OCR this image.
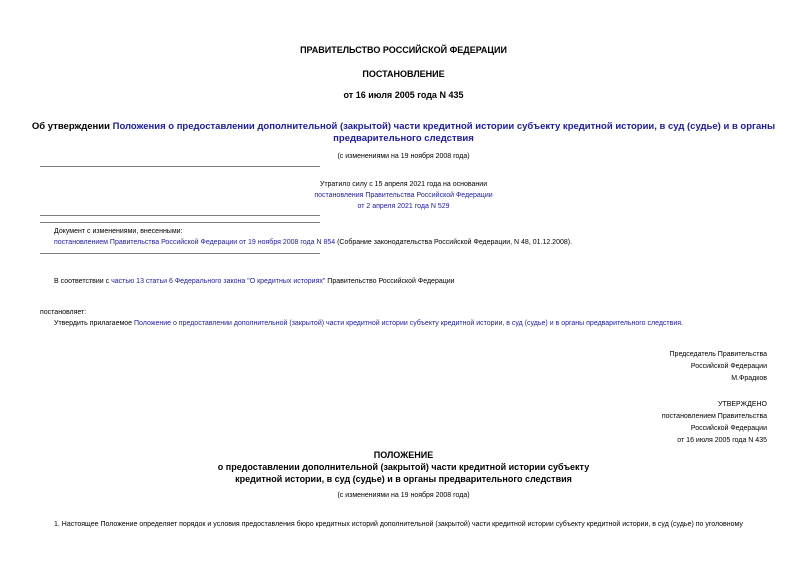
ПРАВИТЕЛЬСТВО РОССИЙСКОЙ ФЕДЕРАЦИИ
ПОСТАНОВЛЕНИЕ
от 16 июля 2005 года N 435
Об утверждении Положения о предоставлении дополнительной (закрытой) части кредитной истории субъекту кредитной истории, в суд (судье) и в органы
предварительного следствия
(с изменениями на 19 ноября 2008 года)
Утратило силу с 15 апреля 2021 года на основании
постановления Правительства Российской Федерации
от 2 апреля 2021 года N 529
Документ с изменениями, внесенными:
постановлением Правительства Российской Федерации от 19 ноября 2008 года N 854 (Собрание законодательства Российской Федерации, N 48, 01.12.2008).
В соответствии с частью 13 статьи 6 Федерального закона "О кредитных историях" Правительство Российской Федерации
постановляет:
Утвердить прилагаемое Положение о предоставлении дополнительной (закрытой) части кредитной истории субъекту кредитной истории, в суд (судье) и в органы предварительного следствия.
Председатель Правительства
Российской Федерации
М.Фрадков
УТВЕРЖДЕНО
постановлением Правительства
Российской Федерации
от 16 июля 2005 года N 435
ПОЛОЖЕНИЕ
о предоставлении дополнительной (закрытой) части кредитной истории субъекту
кредитной истории, в суд (судье) и в органы предварительного следствия
(с изменениями на 19 ноября 2008 года)
1. Настоящее Положение определяет порядок и условия предоставления бюро кредитных историй дополнительной (закрытой) части кредитной истории субъекту кредитной истории, в суд (судье) по уголовному
